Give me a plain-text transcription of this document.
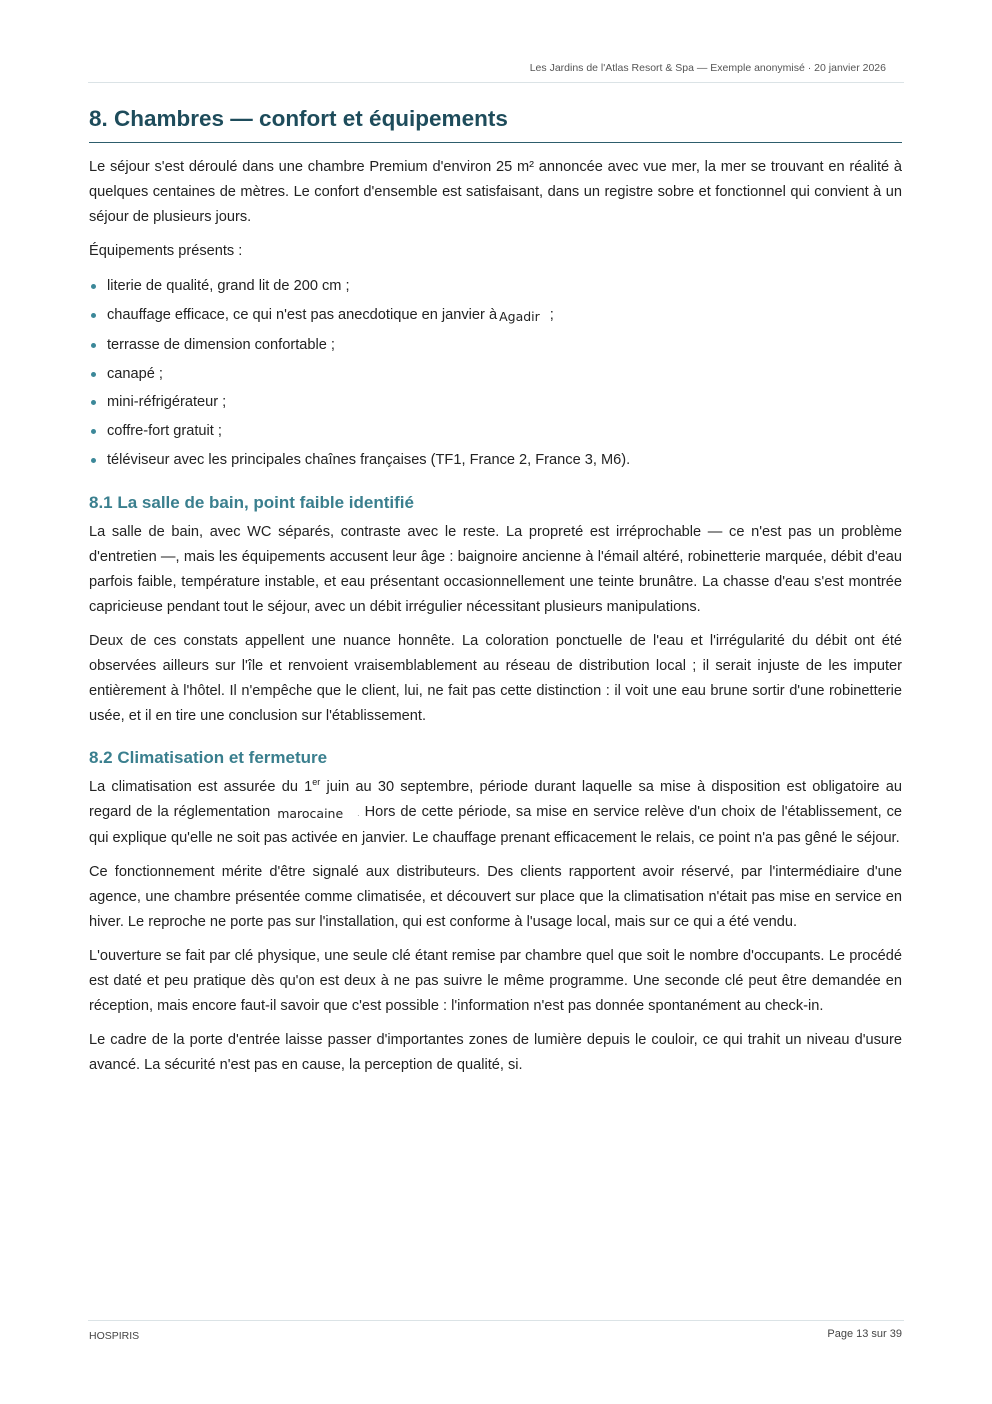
Les Jardins de l'Atlas Resort & Spa — Exemple anonymisé · 20 janvier 2026
8. Chambres — confort et équipements

Le séjour s'est déroulé dans une chambre Premium d'environ 25 m² annoncée avec vue mer, la mer se trouvant en réalité à quelques centaines de mètres. Le confort d'ensemble est satisfaisant, dans un registre sobre et fonctionnel qui convient à un séjour de plusieurs jours.

Équipements présents :

literie de qualité, grand lit de 200 cm ;
chauffage efficace, ce qui n'est pas anecdotique en janvier à Agadir ;
terrasse de dimension confortable ;
canapé ;
mini-réfrigérateur ;
coffre-fort gratuit ;
téléviseur avec les principales chaînes françaises (TF1, France 2, France 3, M6).
8.1 La salle de bain, point faible identifié

La salle de bain, avec WC séparés, contraste avec le reste. La propreté est irréprochable — ce n'est pas un problème d'entretien —, mais les équipements accusent leur âge : baignoire ancienne à l'émail altéré, robinetterie marquée, débit d'eau parfois faible, température instable, et eau présentant occasionnellement une teinte brunâtre. La chasse d'eau s'est montrée capricieuse pendant tout le séjour, avec un débit irrégulier nécessitant plusieurs manipulations.

Deux de ces constats appellent une nuance honnête. La coloration ponctuelle de l'eau et l'irrégularité du débit ont été observées ailleurs sur l'île et renvoient vraisemblablement au réseau de distribution local ; il serait injuste de les imputer entièrement à l'hôtel. Il n'empêche que le client, lui, ne fait pas cette distinction : il voit une eau brune sortir d'une robinetterie usée, et il en tire une conclusion sur l'établissement.

8.2 Climatisation et fermeture

La climatisation est assurée du 1er juin au 30 septembre, période durant laquelle sa mise à disposition est obligatoire au regard de la réglementation marocaine . Hors de cette période, sa mise en service relève d'un choix de l'établissement, ce qui explique qu'elle ne soit pas activée en janvier. Le chauffage prenant efficacement le relais, ce point n'a pas gêné le séjour.

Ce fonctionnement mérite d'être signalé aux distributeurs. Des clients rapportent avoir réservé, par l'intermédiaire d'une agence, une chambre présentée comme climatisée, et découvert sur place que la climatisation n'était pas mise en service en hiver. Le reproche ne porte pas sur l'installation, qui est conforme à l'usage local, mais sur ce qui a été vendu.

L'ouverture se fait par clé physique, une seule clé étant remise par chambre quel que soit le nombre d'occupants. Le procédé est daté et peu pratique dès qu'on est deux à ne pas suivre le même programme. Une seconde clé peut être demandée en réception, mais encore faut-il savoir que c'est possible : l'information n'est pas donnée spontanément au check-in.

Le cadre de la porte d'entrée laisse passer d'importantes zones de lumière depuis le couloir, ce qui trahit un niveau d'usure avancé. La sécurité n'est pas en cause, la perception de qualité, si.

HOSPIRIS	Page 13 sur 39
